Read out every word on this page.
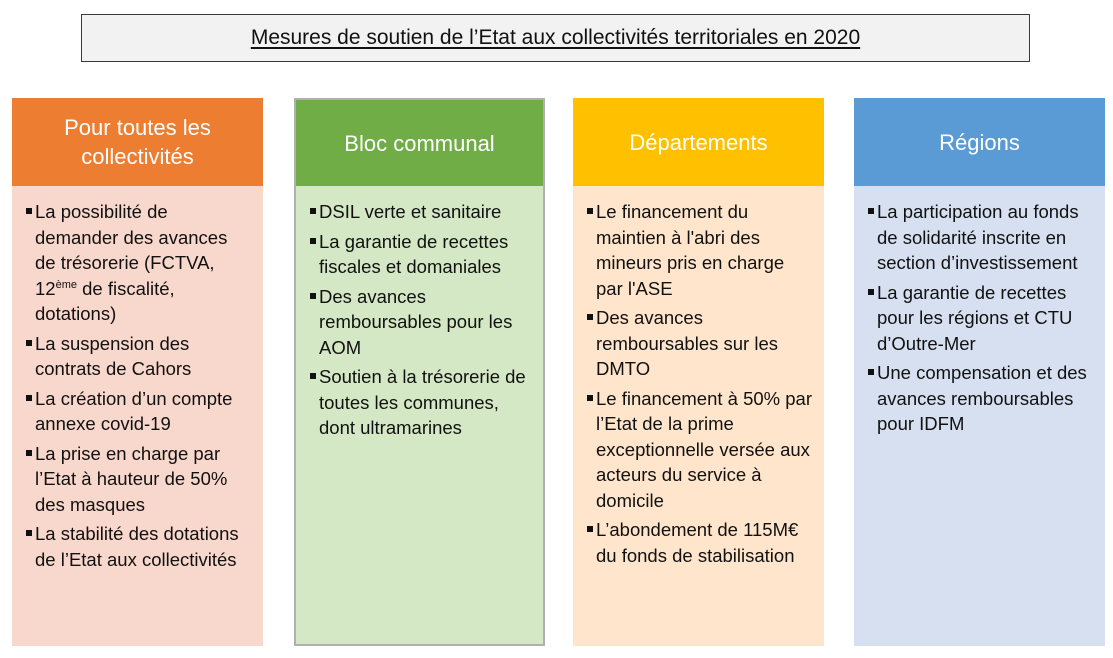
Mesures de soutien de l’Etat aux collectivités territoriales en 2020
Pour toutes les collectivités
La possibilité de demander des avances de trésorerie (FCTVA, 12ème de fiscalité, dotations)
La suspension des contrats de Cahors
La création d’un compte annexe covid-19
La prise en charge par l’Etat à hauteur de 50% des masques
La stabilité des dotations de l’Etat aux collectivités
Bloc communal
DSIL verte et sanitaire
La garantie de recettes fiscales et domaniales
Des avances remboursables pour les AOM
Soutien à la trésorerie de toutes les communes, dont ultramarines
Départements
Le financement du maintien à l'abri des mineurs pris en charge par l'ASE
Des avances remboursables sur les DMTO
Le financement à 50% par l’Etat de la prime exceptionnelle versée aux acteurs du service à domicile
L’abondement de 115M€ du fonds de stabilisation
Régions
La participation au fonds de solidarité inscrite en section d’investissement
La garantie de recettes pour les régions et CTU d’Outre-Mer
Une compensation et des avances remboursables pour IDFM
